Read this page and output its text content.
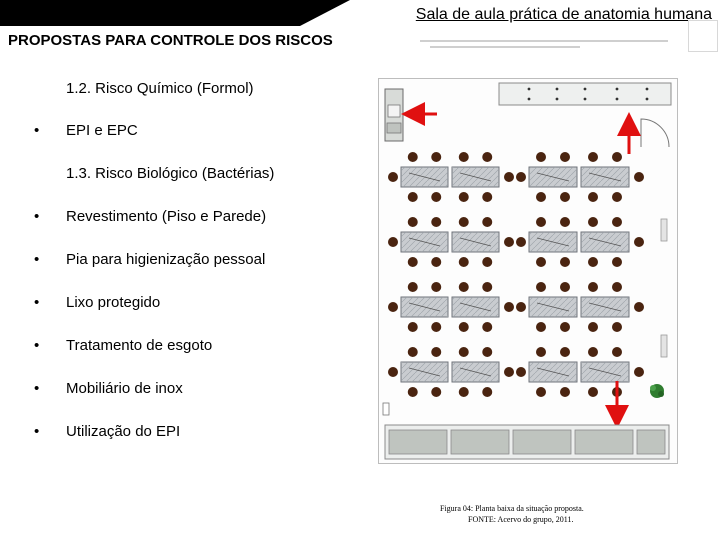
Sala de aula prática de anatomia humana
PROPOSTAS PARA CONTROLE DOS RISCOS
1.2. Risco Químico (Formol)
• EPI e EPC
1.3. Risco Biológico (Bactérias)
• Revestimento (Piso e Parede)
• Pia para higienização pessoal
• Lixo protegido
• Tratamento de esgoto
• Mobiliário de inox
• Utilização do EPI
Figura 04: Planta baixa da situação proposta.
FONTE: Acervo do grupo, 2011.
